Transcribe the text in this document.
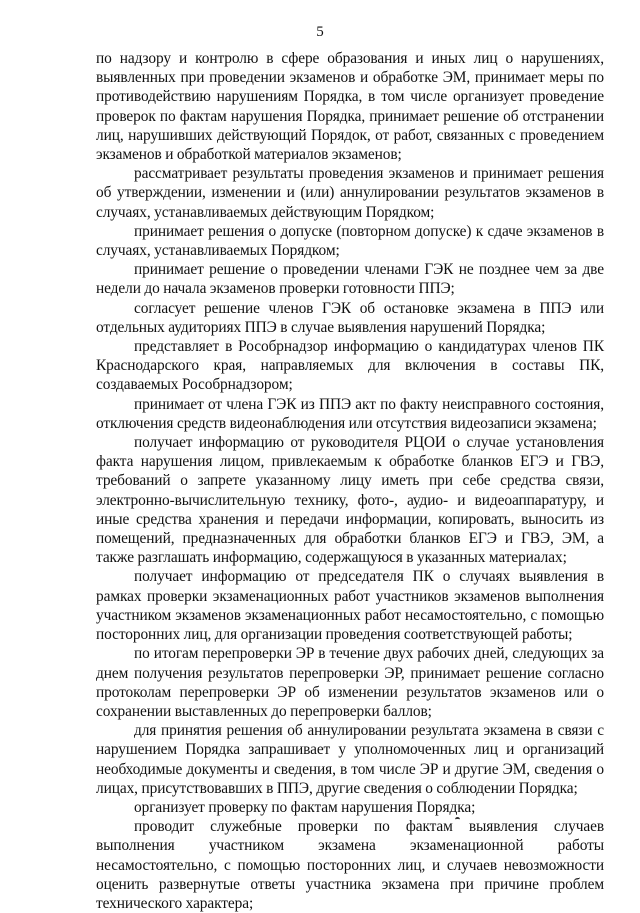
5

по надзору и контролю в сфере образования и иных лиц о нарушениях, выявленных при проведении экзаменов и обработке ЭМ, принимает меры по противодействию нарушениям Порядка, в том числе организует проведение проверок по фактам нарушения Порядка, принимает решение об отстранении лиц, нарушивших действующий Порядок, от работ, связанных с проведением экзаменов и обработкой материалов экзаменов;

рассматривает результаты проведения экзаменов и принимает решения об утверждении, изменении и (или) аннулировании результатов экзаменов в случаях, устанавливаемых действующим Порядком;

принимает решения о допуске (повторном допуске) к сдаче экзаменов в случаях, устанавливаемых Порядком;

принимает решение о проведении членами ГЭК не позднее чем за две недели до начала экзаменов проверки готовности ППЭ;

согласует решение членов ГЭК об остановке экзамена в ППЭ или отдельных аудиториях ППЭ в случае выявления нарушений Порядка;

представляет в Рособрнадзор информацию о кандидатурах членов ПК Краснодарского края, направляемых для включения в составы ПК, создаваемых Рособрнадзором;

принимает от члена ГЭК из ППЭ акт по факту неисправного состояния, отключения средств видеонаблюдения или отсутствия видеозаписи экзамена;

получает информацию от руководителя РЦОИ о случае установления факта нарушения лицом, привлекаемым к обработке бланков ЕГЭ и ГВЭ, требований о запрете указанному лицу иметь при себе средства связи, электронно-вычислительную технику, фото-, аудио- и видеоаппаратуру, и иные средства хранения и передачи информации, копировать, выносить из помещений, предназначенных для обработки бланков ЕГЭ и ГВЭ, ЭМ, а также разглашать информацию, содержащуюся в указанных материалах;

получает информацию от председателя ПК о случаях выявления в рамках проверки экзаменационных работ участников экзаменов выполнения участником экзаменов экзаменационных работ несамостоятельно, с помощью посторонних лиц, для организации проведения соответствующей работы;

по итогам перепроверки ЭР в течение двух рабочих дней, следующих за днем получения результатов перепроверки ЭР, принимает решение согласно протоколам перепроверки ЭР об изменении результатов экзаменов или о сохранении выставленных до перепроверки баллов;

для принятия решения об аннулировании результата экзамена в связи с нарушением Порядка запрашивает у уполномоченных лиц и организаций необходимые документы и сведения, в том числе ЭР и другие ЭМ, сведения о лицах, присутствовавших в ППЭ, другие сведения о соблюдении Порядка;

организует проверку по фактам нарушения Порядка;

проводит служебные проверки по фактам выявления случаев выполнения участником экзамена экзаменационной работы несамостоятельно, с помощью посторонних лиц, и случаев невозможности оценить развернутые ответы участника экзамена при причине проблем технического характера;
